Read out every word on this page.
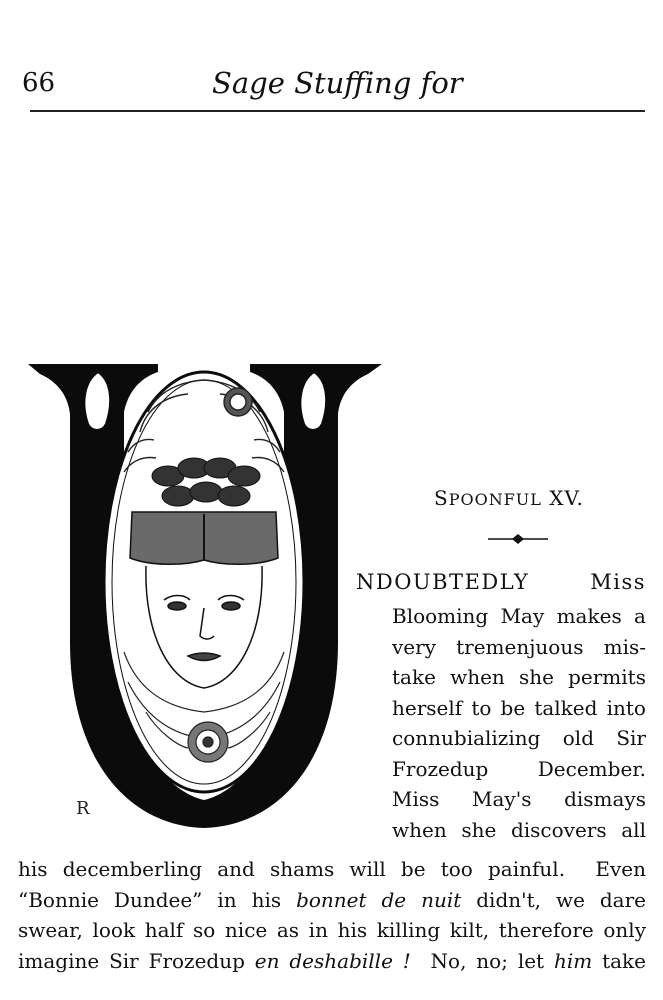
66	Sage Stuffing for
R
SPOONFUL XV.
NDOUBTEDLY	Miss
Blooming May makes a
very tremenjuous mis-
take when she permits
herself to be talked into
connubializing old Sir
Frozedup December.
Miss May's dismays
when she discovers all
his decemberling and shams will be too painful.  Even
“Bonnie Dundee” in his bonnet de nuit didn't, we dare
swear, look half so nice as in his killing kilt, therefore only
imagine Sir Frozedup en deshabille !  No, no; let him take
